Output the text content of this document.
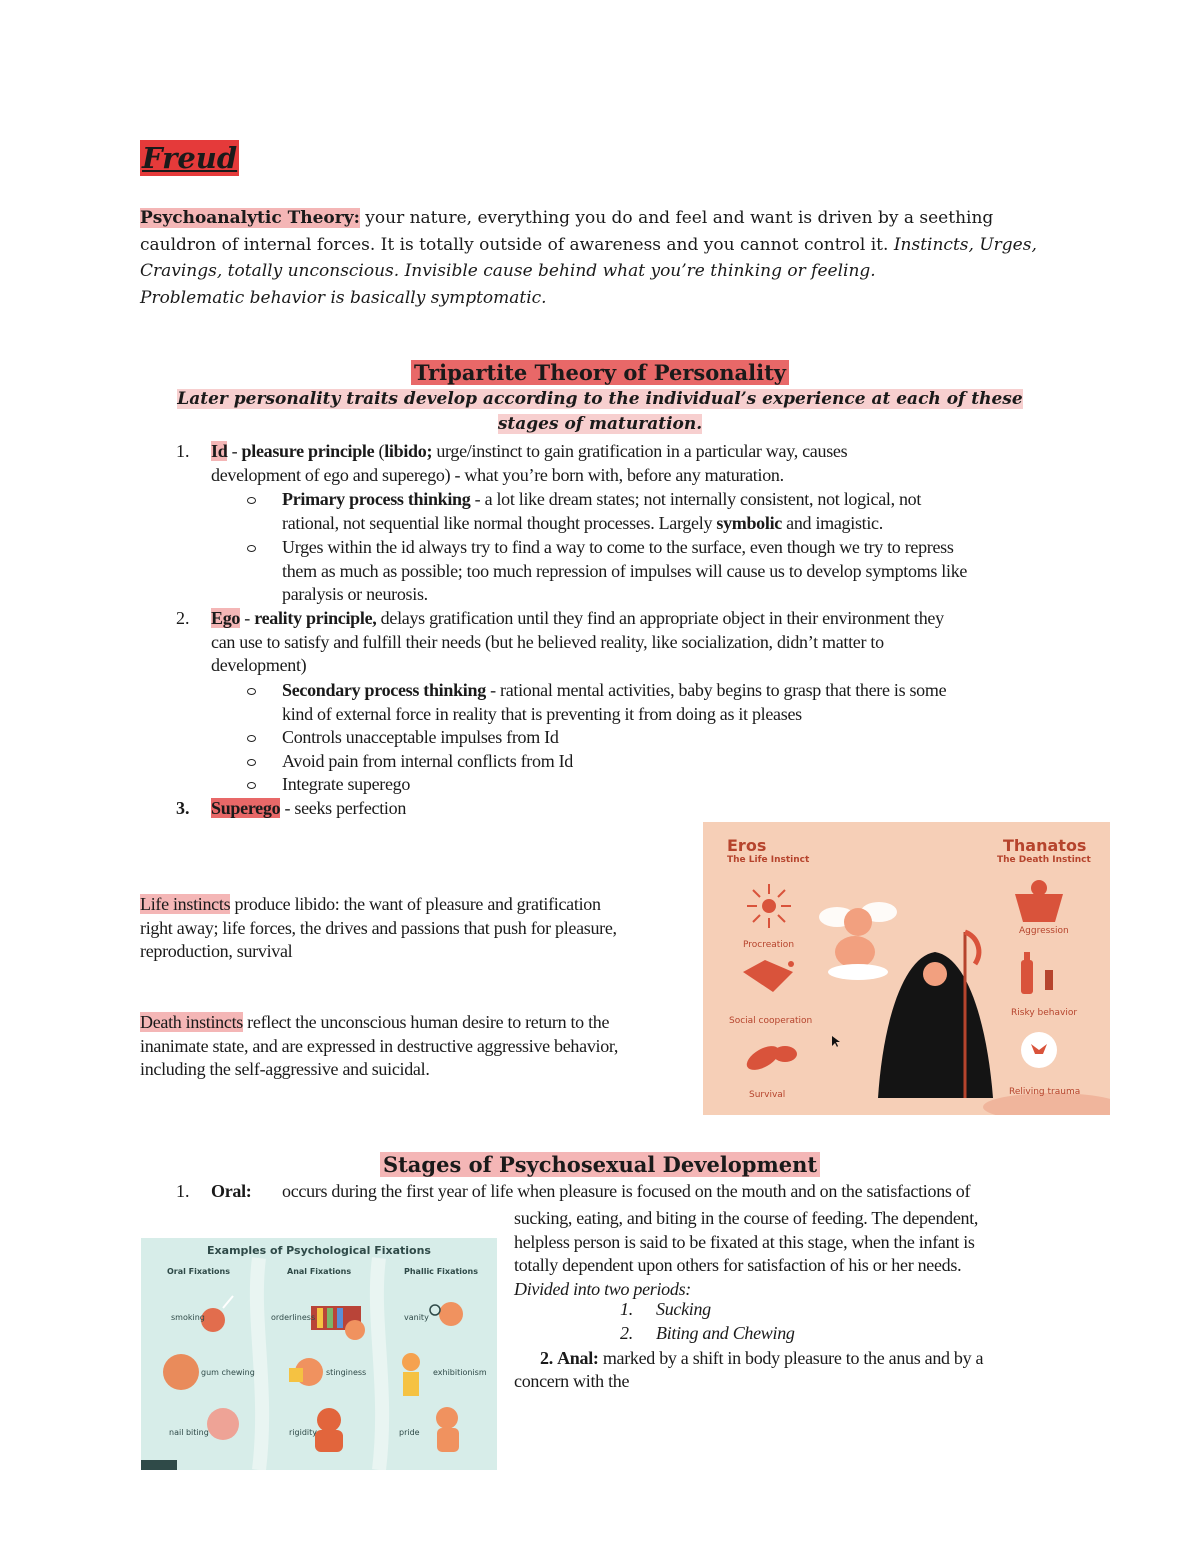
Freud
Psychoanalytic Theory: your nature, everything you do and feel and want is driven by a seething
cauldron of internal forces. It is totally outside of awareness and you cannot control it. Instincts, Urges,
Cravings, totally unconscious. Invisible cause behind what you’re thinking or feeling.
Problematic behavior is basically symptomatic.
Tripartite Theory of Personality
Later personality traits develop according to the individual’s experience at each of these
stages of maturation.
1. Id - pleasure principle (libido; urge/instinct to gain gratification in a particular way, causes
development of ego and superego) - what you’re born with, before any maturation.
Primary process thinking - a lot like dream states; not internally consistent, not logical, not
rational, not sequential like normal thought processes. Largely symbolic and imagistic.
Urges within the id always try to find a way to come to the surface, even though we try to repress
them as much as possible; too much repression of impulses will cause us to develop symptoms like
paralysis or neurosis.
2. Ego - reality principle, delays gratification until they find an appropriate object in their environment they
can use to satisfy and fulfill their needs (but he believed reality, like socialization, didn’t matter to
development)
Secondary process thinking - rational mental activities, baby begins to grasp that there is some
kind of external force in reality that is preventing it from doing as it pleases
Controls unacceptable impulses from Id
Avoid pain from internal conflicts from Id
Integrate superego
3. Superego - seeks perfection
Life instincts produce libido: the want of pleasure and gratification
right away; life forces, the drives and passions that push for pleasure,
reproduction, survival
Death instincts reflect the unconscious human desire to return to the
inanimate state, and are expressed in destructive aggressive behavior,
including the self-aggressive and suicidal.
Eros
The Life Instinct
Thanatos
The Death Instinct
Procreation
Social cooperation
Survival
Aggression
Risky behavior
Reliving trauma
Stages of Psychosexual Development
1. Oral: occurs during the first year of life when pleasure is focused on the mouth and on the satisfactions of
sucking, eating, and biting in the course of feeding. The dependent,
helpless person is said to be fixated at this stage, when the infant is
totally dependent upon others for satisfaction of his or her needs.
Divided into two periods:
1. Sucking
2. Biting and Chewing
2. Anal: marked by a shift in body pleasure to the anus and by a
concern with the
Examples of Psychological Fixations
Oral Fixations	Anal Fixations	Phallic Fixations
smoking
gum chewing
nail biting
orderliness
stinginess
rigidity
vanity
exhibitionism
pride
